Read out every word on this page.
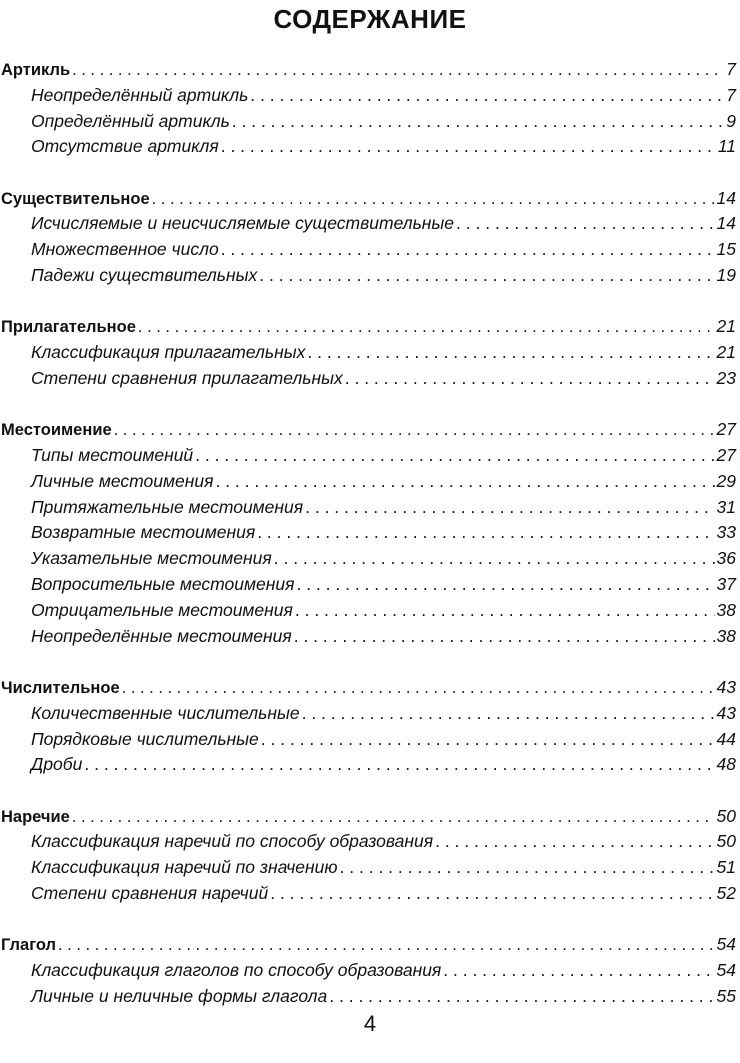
СОДЕРЖАНИЕ
Артикль . . .	7
Неопределённый артикль . . .	7
Определённый артикль . . .	9
Отсутствие артикля . . .	11
Существительное . . .	14
Исчисляемые и неисчисляемые существительные . . .	14
Множественное число . . .	15
Падежи существительных . . .	19
Прилагательное . . .	21
Классификация прилагательных . . .	21
Степени сравнения прилагательных . . .	23
Местоимение . . .	27
Типы местоимений . . .	27
Личные местоимения . . .	29
Притяжательные местоимения . . .	31
Возвратные местоимения . . .	33
Указательные местоимения . . .	36
Вопросительные местоимения . . .	37
Отрицательные местоимения . . .	38
Неопределённые местоимения . . .	38
Числительное . . .	43
Количественные числительные . . .	43
Порядковые числительные . . .	44
Дроби . . .	48
Наречие . . .	50
Классификация наречий по способу образования . . .	50
Классификация наречий по значению . . .	51
Степени сравнения наречий . . .	52
Глагол . . .	54
Классификация глаголов по способу образования . . .	54
Личные и неличные формы глагола . . .	55
4
